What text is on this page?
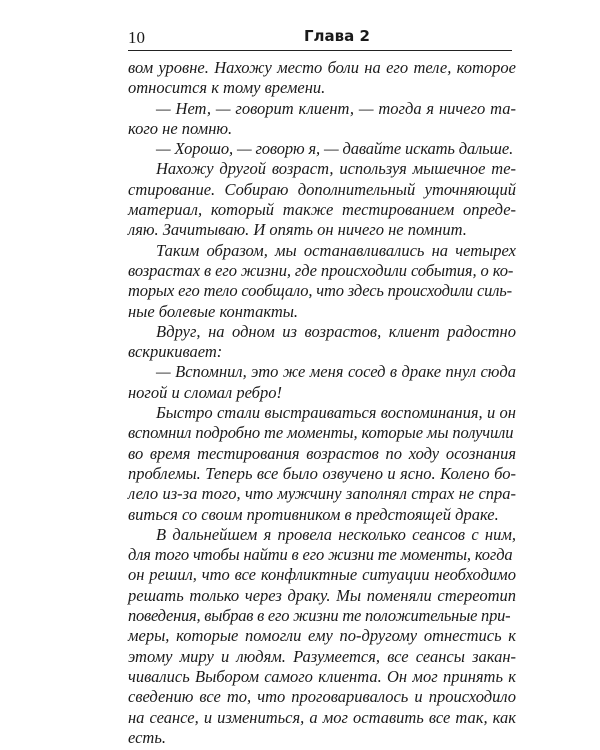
10	Глава 2
вом уровне. Нахожу место боли на его теле, которое
относится к тому времени.
— Нет, — говорит клиент, — тогда я ничего та-
кого не помню.
— Хорошо, — говорю я, — давайте искать дальше.
Нахожу другой возраст, используя мышечное те-
стирование. Собираю дополнительный уточняющий
материал, который также тестированием опреде-
ляю. Зачитываю. И опять он ничего не помнит.
Таким образом, мы останавливались на четырех
возрастах в его жизни, где происходили события, о ко-
торых его тело сообщало, что здесь происходили силь-
ные болевые контакты.
Вдруг, на одном из возрастов, клиент радостно
вскрикивает:
— Вспомнил, это же меня сосед в драке пнул сюда
ногой и сломал ребро!
Быстро стали выстраиваться воспоминания, и он
вспомнил подробно те моменты, которые мы получили
во время тестирования возрастов по ходу осознания
проблемы. Теперь все было озвучено и ясно. Колено бо-
лело из-за того, что мужчину заполнял страх не спра-
виться со своим противником в предстоящей драке.
В дальнейшем я провела несколько сеансов с ним,
для того чтобы найти в его жизни те моменты, когда
он решил, что все конфликтные ситуации необходимо
решать только через драку. Мы поменяли стереотип
поведения, выбрав в его жизни те положительные при-
меры, которые помогли ему по-другому отнестись к
этому миру и людям. Разумеется, все сеансы закан-
чивались Выбором самого клиента. Он мог принять к
сведению все то, что проговаривалось и происходило
на сеансе, и измениться, а мог оставить все так, как
есть.
